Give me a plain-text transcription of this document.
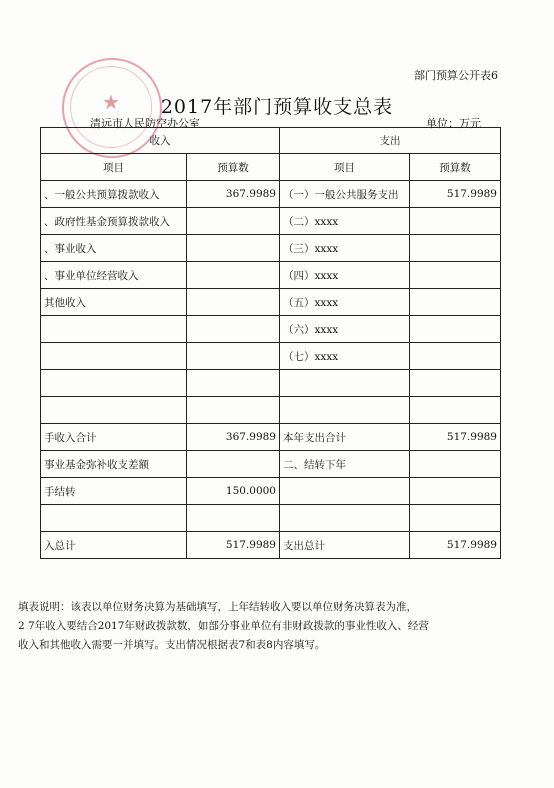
★
部门预算公开表6
2017年部门预算收支总表
清远市人民防空办公室	单位：万元
收入		支出	
项目	预算数	项目	预算数
、一般公共预算拨款收入	367.9989	（一）一般公共服务支出	517.9989
、政府性基金预算拨款收入		（二）xxxx	
、事业收入		（三）xxxx	
、事业单位经营收入		（四）xxxx	
其他收入		（五）xxxx	
		（六）xxxx	
		（七）xxxx	

手收入合计	367.9989	本年支出合计	517.9989
事业基金弥补收支差额		二、结转下年	
手结转	150.0000		

入总计	517.9989	支出总计	517.9989
填表说明：该表以单位财务决算为基础填写，上年结转收入要以单位财务决算表为准，
2 7年收入要结合2017年财政拨款数，如部分事业单位有非财政拨款的事业性收入、经营
收入和其他收入需要一并填写。支出情况根据表7和表8内容填写。
